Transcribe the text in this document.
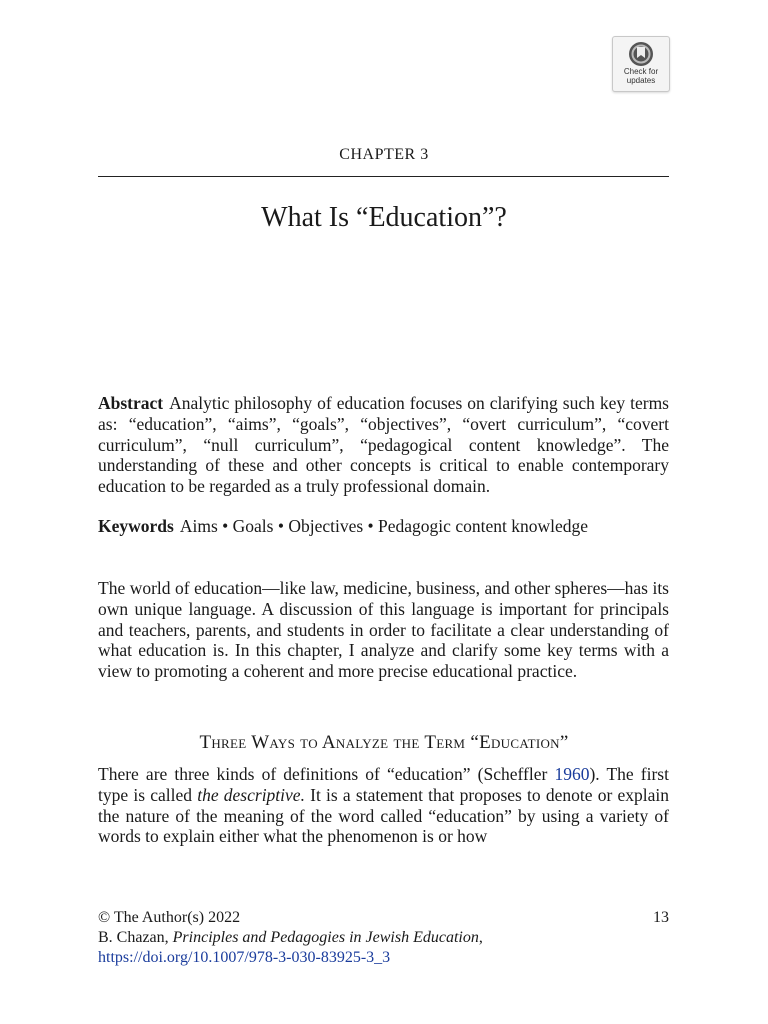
Check for
updates
CHAPTER 3
What Is “Education”?
Abstract Analytic philosophy of education focuses on clarifying such key terms as: “education”, “aims”, “goals”, “objectives”, “overt curriculum”, “covert curriculum”, “null curriculum”, “pedagogical content knowledge”. The understanding of these and other concepts is critical to enable contemporary education to be regarded as a truly professional domain.
Keywords Aims • Goals • Objectives • Pedagogic content knowledge
The world of education—like law, medicine, business, and other spheres—has its own unique language. A discussion of this language is important for principals and teachers, parents, and students in order to facilitate a clear understanding of what education is. In this chapter, I analyze and clarify some key terms with a view to promoting a coherent and more precise educational practice.
Three Ways to Analyze the Term “Education”
There are three kinds of definitions of “education” (Scheffler 1960). The first type is called the descriptive. It is a statement that proposes to denote or explain the nature of the meaning of the word called “education” by using a variety of words to explain either what the phenomenon is or how
© The Author(s) 2022	13
B. Chazan, Principles and Pedagogies in Jewish Education,
https://doi.org/10.1007/978-3-030-83925-3_3
